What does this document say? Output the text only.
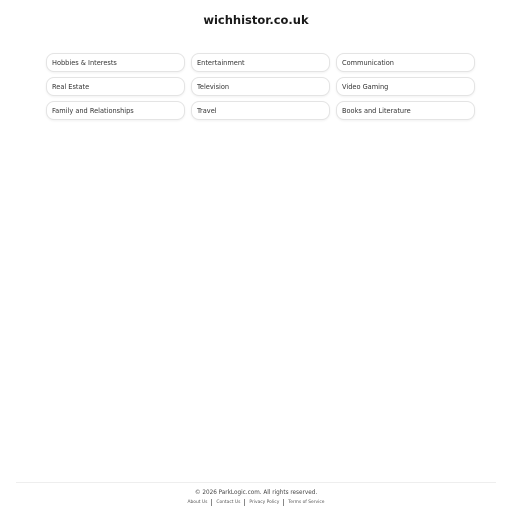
wichhistor.co.uk
Hobbies & Interests	Entertainment	Communication
Real Estate	Television	Video Gaming
Family and Relationships	Travel	Books and Literature
© 2026 ParkLogic.com. All rights reserved.
About Us	Contact Us	Privacy Policy	Terms of Service
